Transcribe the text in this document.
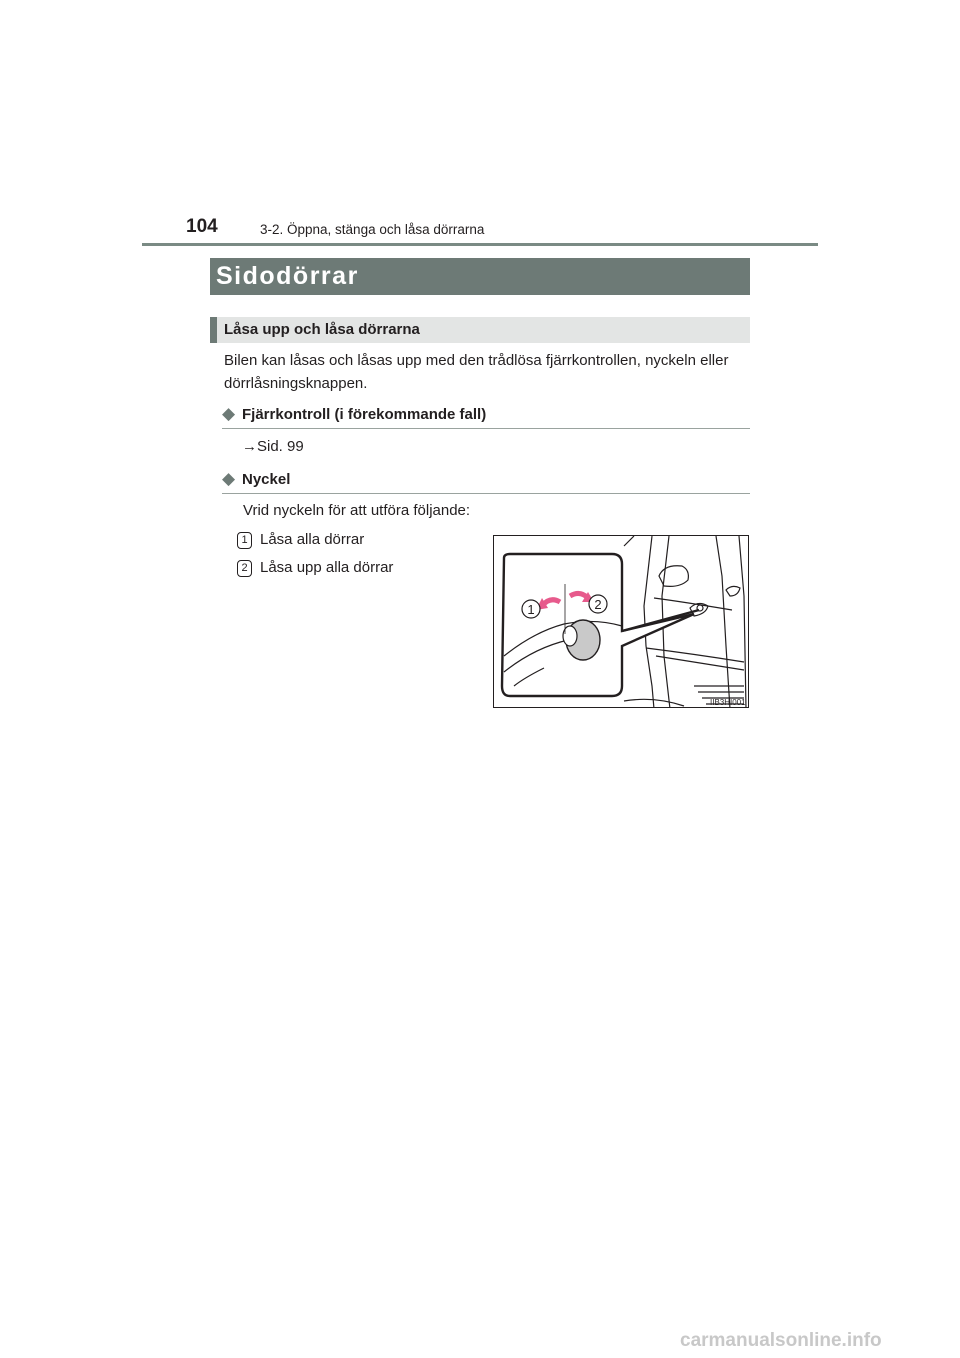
104	3-2. Öppna, stänga och låsa dörrarna
Sidodörrar
Låsa upp och låsa dörrarna
Bilen kan låsas och låsas upp med den trådlösa fjärrkontrollen, nyckeln eller dörrlåsningsknappen.
◆ Fjärrkontroll (i förekommande fall)
→Sid. 99
◆ Nyckel
Vrid nyckeln för att utföra följande:
1 Låsa alla dörrar
2 Låsa upp alla dörrar
1	2
IIB3HI001
carmanualsonline.info
